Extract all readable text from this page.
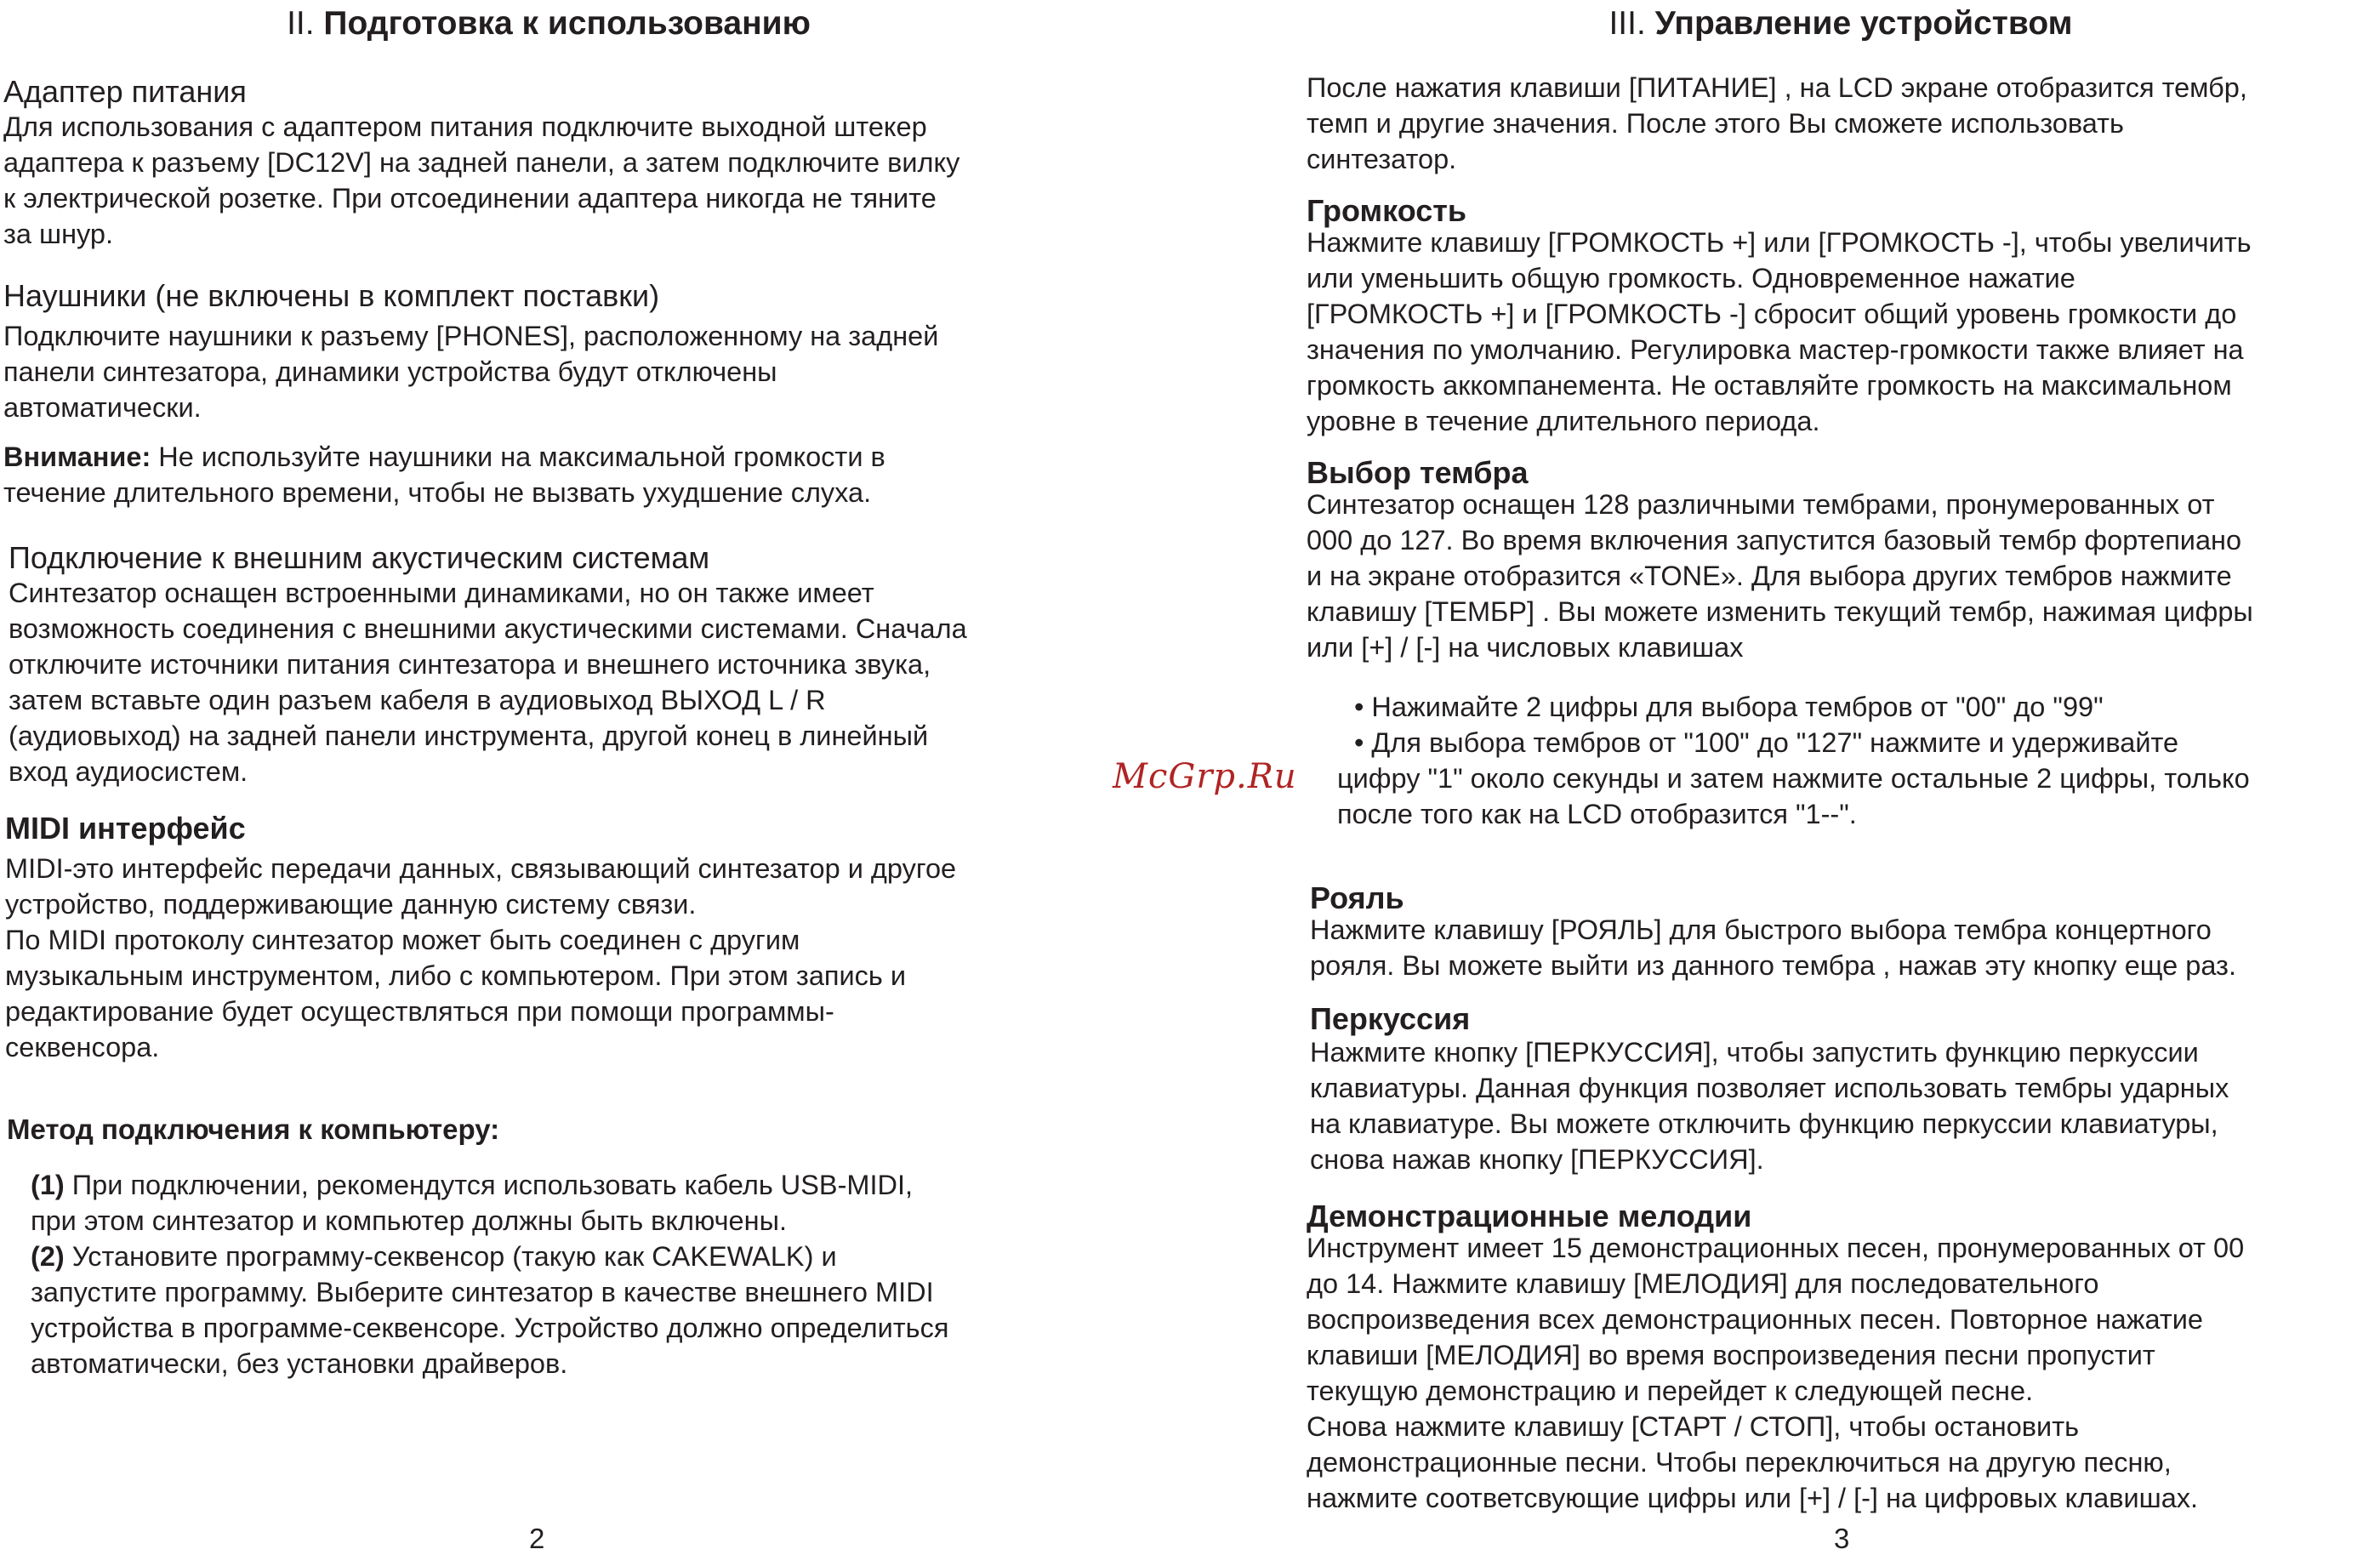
II. Подготовка к использованию
Адаптер питания

Для использования с адаптером питания подключите выходной штекер
адаптера к разъему [DC12V] на задней панели, а затем подключите вилку
к электрической розетке. При отсоединении адаптера никогда не тяните
за шнур.

Наушники (не включены в комплект поставки)

Подключите наушники к разъему [PHONES], расположенному на задней
панели синтезатора, динамики устройства будут отключены
автоматически.

Внимание: Не используйте наушники на максимальной громкости в
течение длительного времени, чтобы не вызвать ухудшение слуха.

Подключение к внешним акустическим системам

Синтезатор оснащен встроенными динамиками, но он также имеет
возможность соединения с внешними акустическими системами. Сначала
отключите источники питания синтезатора и внешнего источника звука,
затем вставьте один разъем кабеля в аудиовыход ВЫХОД L / R
(аудиовыход) на задней панели инструмента, другой конец в линейный
вход аудиосистем.

MIDI интерфейс

MIDI-это интерфейс передачи данных, связывающий синтезатор и другое
устройство, поддерживающие данную систему связи.
По MIDI протоколу синтезатор может быть соединен с другим
музыкальным инструментом, либо с компьютером. При этом запись и
редактирование будет осуществляться при помощи программы-
секвенсора.

Метод подключения к компьютеру:

(1) При подключении, рекомендутся использовать кабель USB-MIDI,
при этом синтезатор и компьютер должны быть включены.
(2) Установите программу-секвенсор (такую как CAKEWALK) и
запустите программу. Выберите синтезатор в качестве внешнего MIDI
устройства в программе-секвенсоре. Устройство должно определиться
автоматически, без установки драйверов.

2
McGrp.Ru
III. Управление устройством

После нажатия клавиши [ПИТАНИЕ] , на LCD экране отобразится тембр,
темп и другие значения. После этого Вы сможете использовать
синтезатор.

Громкость

Нажмите клавишу [ГРОМКОСТЬ +] или [ГРОМКОСТЬ -], чтобы увеличить
или уменьшить общую громкость. Одновременное нажатие
[ГРОМКОСТЬ +] и [ГРОМКОСТЬ -] сбросит общий уровень громкости до
значения по умолчанию. Регулировка мастер-громкости также влияет на
громкость аккомпанемента. Не оставляйте громкость на максимальном
уровне в течение длительного периода.

Выбор тембра

Синтезатор оснащен 128 различными тембрами, пронумерованных от
000 до 127. Во время включения запустится базовый тембр фортепиано
и на экране отобразится «TONE». Для выбора других тембров нажмите
клавишу [ТЕМБР] . Вы можете изменить текущий тембр, нажимая цифры
или [+] / [-] на числовых клавишах

• Нажимайте 2 цифры для выбора тембров от "00" до "99"

• Для выбора тембров от "100" до "127" нажмите и удерживайте

цифру "1" около секунды и затем нажмите остальные 2 цифры, только
после того как на LCD отобразится "1--".

Рояль

Нажмите клавишу [РОЯЛЬ] для быстрого выбора тембра концертного
рояля. Вы можете выйти из данного тембра , нажав эту кнопку еще раз.

Перкуссия

Нажмите кнопку [ПЕРКУССИЯ], чтобы запустить функцию перкуссии
клавиатуры. Данная функция позволяет использовать тембры ударных
на клавиатуре. Вы можете отключить функцию перкуссии клавиатуры,
снова нажав кнопку [ПЕРКУССИЯ].

Демонстрационные мелодии

Инструмент имеет 15 демонстрационных песен, пронумерованных от 00
до 14. Нажмите клавишу [МЕЛОДИЯ] для последовательного
воспроизведения всех демонстрационных песен. Повторное нажатие
клавиши [МЕЛОДИЯ] во время воспроизведения песни пропустит
текущую демонстрацию и перейдет к следующей песне.
Снова нажмите клавишу [СТАРТ / СТОП], чтобы остановить
демонстрационные песни. Чтобы переключиться на другую песню,
нажмите соответсвующие цифры или [+] / [-] на цифровых клавишах.

3
